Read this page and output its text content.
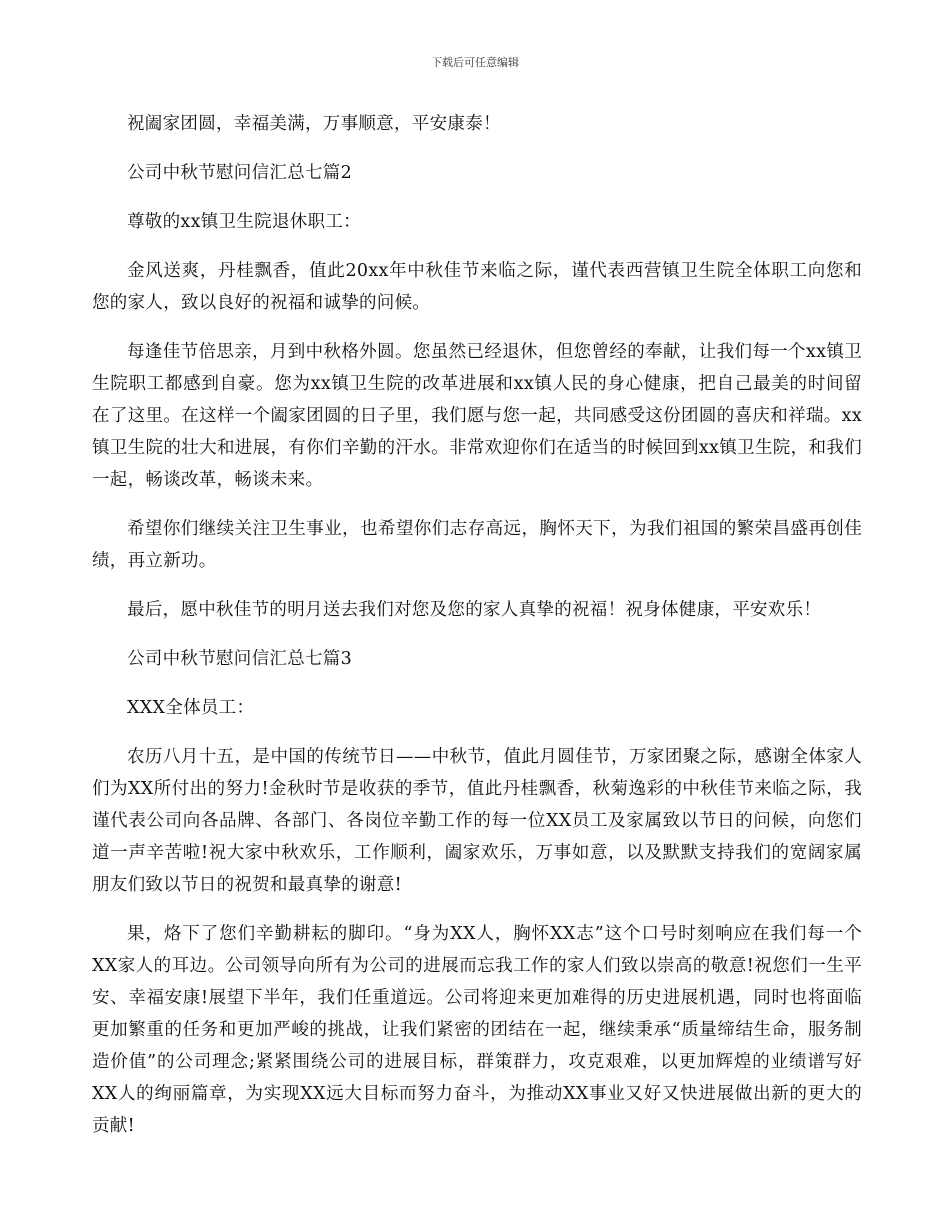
下载后可任意编辑

祝阖家团圆，幸福美满，万事顺意，平安康泰！

公司中秋节慰问信汇总七篇2

尊敬的xx镇卫生院退休职工：

金风送爽，丹桂飘香，值此20xx年中秋佳节来临之际，谨代表西营镇卫生院全体职工向您和您的家人，致以良好的祝福和诚挚的问候。

每逢佳节倍思亲，月到中秋格外圆。您虽然已经退休，但您曾经的奉献，让我们每一个xx镇卫生院职工都感到自豪。您为xx镇卫生院的改革进展和xx镇人民的身心健康，把自己最美的时间留在了这里。在这样一个阖家团圆的日子里，我们愿与您一起，共同感受这份团圆的喜庆和祥瑞。xx镇卫生院的壮大和进展，有你们辛勤的汗水。非常欢迎你们在适当的时候回到xx镇卫生院，和我们一起，畅谈改革，畅谈未来。

希望你们继续关注卫生事业，也希望你们志存高远，胸怀天下，为我们祖国的繁荣昌盛再创佳绩，再立新功。

最后，愿中秋佳节的明月送去我们对您及您的家人真挚的祝福！祝身体健康，平安欢乐！

公司中秋节慰问信汇总七篇3

XXX全体员工：

农历八月十五，是中国的传统节日——中秋节，值此月圆佳节，万家团聚之际，感谢全体家人们为XX所付出的努力!金秋时节是收获的季节，值此丹桂飘香，秋菊逸彩的中秋佳节来临之际，我谨代表公司向各品牌、各部门、各岗位辛勤工作的每一位XX员工及家属致以节日的问候，向您们道一声辛苦啦!祝大家中秋欢乐，工作顺利，阖家欢乐，万事如意，以及默默支持我们的宽阔家属朋友们致以节日的祝贺和最真挚的谢意!

果，烙下了您们辛勤耕耘的脚印。“身为XX人，胸怀XX志”这个口号时刻响应在我们每一个XX家人的耳边。公司领导向所有为公司的进展而忘我工作的家人们致以崇高的敬意!祝您们一生平安、幸福安康!展望下半年，我们任重道远。公司将迎来更加难得的历史进展机遇，同时也将面临更加繁重的任务和更加严峻的挑战，让我们紧密的团结在一起，继续秉承“质量缔结生命，服务制造价值”的公司理念;紧紧围绕公司的进展目标，群策群力，攻克艰难，以更加辉煌的业绩谱写好XX人的绚丽篇章，为实现XX远大目标而努力奋斗，为推动XX事业又好又快进展做出新的更大的贡献!
